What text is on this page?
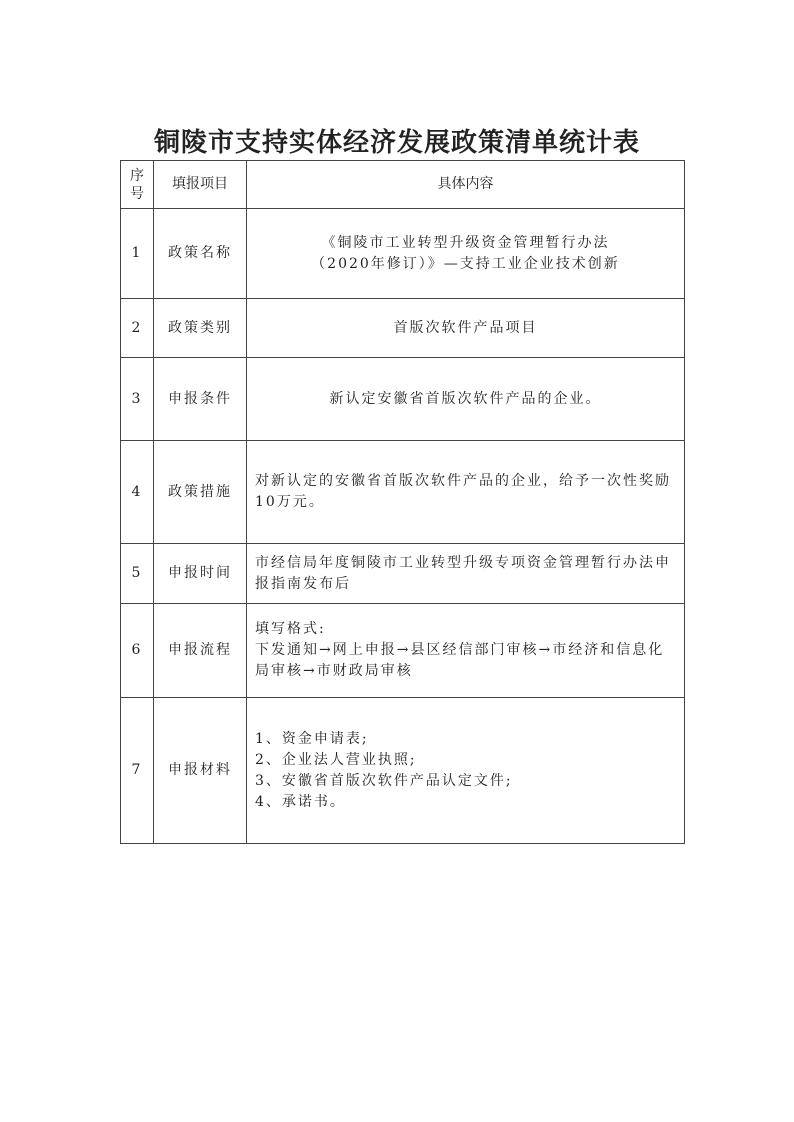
铜陵市支持实体经济发展政策清单统计表
序号	填报项目	具体内容
1	政策名称	《铜陵市工业转型升级资金管理暂行办法
（2020年修订）》—支持工业企业技术创新

2	政策类别	首版次软件产品项目

3	申报条件	新认定安徽省首版次软件产品的企业。

4	政策措施	对新认定的安徽省首版次软件产品的企业，给予一次性奖励10万元。

5	申报时间	市经信局年度铜陵市工业转型升级专项资金管理暂行办法申报指南发布后

6	申报流程	填写格式:
下发通知→网上申报→县区经信部门审核→市经济和信息化局审核→市财政局审核

7	申报材料	1、资金申请表;
2、企业法人营业执照;
3、安徽省首版次软件产品认定文件;
4、承诺书。
